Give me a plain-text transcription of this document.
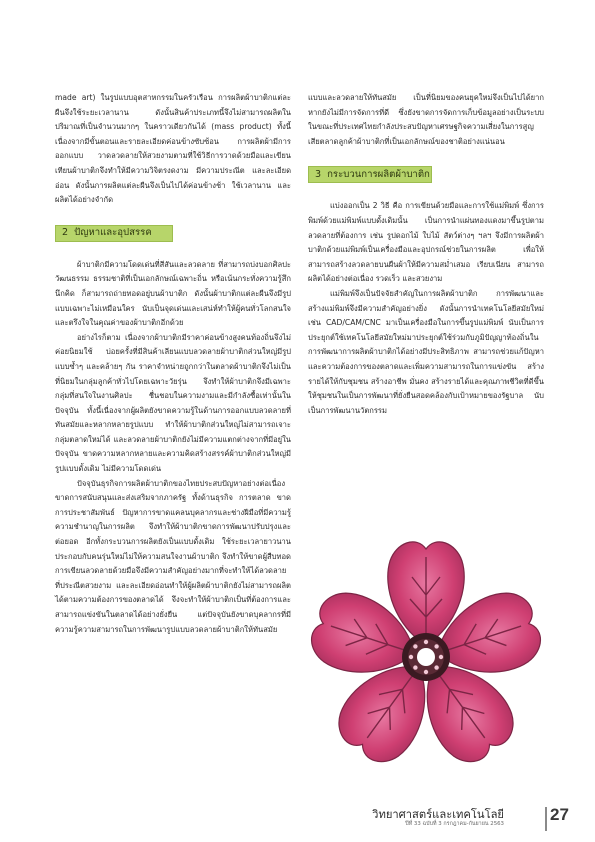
made art) ในรูปแบบอุตสาหกรรมในครัวเรือน การผลิตผ้าบาติกแต่ละผืนจึงใช้ระยะเวลานาน ดังนั้นสินค้าประเภทนี้จึงไม่สามารถผลิตในปริมาณที่เป็นจำนวนมากๆ ในคราวเดียวกันได้ (mass product) ทั้งนี้เนื่องจากมีขั้นตอนและรายละเอียดค่อนข้างซับซ้อน การผลิตผ้ามีการออกแบบ วาดลวดลายให้สวยงามตามที่ใช้วิธีการวาดด้วยมือและเขียนเทียนผ้าบาติกจึงทำให้มีความวิจิตรงดงาม มีความประณีต และละเอียดอ่อน ดังนั้นการผลิตแต่ละผืนจึงเป็นไปได้ค่อนข้างช้า ใช้เวลานาน และผลิตได้อย่างจำกัด

2 ปัญหาและอุปสรรค

ผ้าบาติกมีความโดดเด่นที่สีสันและลวดลาย ที่สามารถบ่งบอกศิลปะ วัฒนธรรม ธรรมชาติที่เป็นเอกลักษณ์เฉพาะถิ่น หรือเน้นกระทั่งความรู้สึกนึกคิด ก็สามารถถ่ายทอดอยู่บนผ้าบาติก ดังนั้นผ้าบาติกแต่ละผืนจึงมีรูปแบบเฉพาะไม่เหมือนใคร นับเป็นจุดเด่นและเสน่ห์ทำให้ผู้คนทั่วโลกสนใจและตรึงใจในคุณค่าของผ้าบาติกอีกด้วย

อย่างไรก็ตาม เนื่องจากผ้าบาติกมีราคาค่อนข้างสูงคนท้องถิ่นจึงไม่ค่อยนิยมใช้ บ่อยครั้งที่มีสินค้าเลียนแบบลวดลายผ้าบาติกส่วนใหญ่มีรูปแบบซ้ำๆ และคล้ายๆ กัน ราคาจำหน่ายถูกกว่าในตลาดผ้าบาติกจึงไม่เป็นที่นิยมในกลุ่มลูกค้าทั่วไปโดยเฉพาะวัยรุ่น จึงทำให้ผ้าบาติกจึงมีเฉพาะกลุ่มที่สนใจในงานศิลปะ ชื่นชอบในความงามและมีกำลังซื้อเท่านั้นในปัจจุบัน ทั้งนี้เนื่องจากผู้ผลิตยังขาดความรู้ในด้านการออกแบบลวดลายที่ทันสมัยและหลากหลายรูปแบบ ทำให้ผ้าบาติกส่วนใหญ่ไม่สามารถเจาะกลุ่มตลาดใหม่ได้ และลวดลายผ้าบาติกยังไม่มีความแตกต่างจากที่มีอยู่ในปัจจุบัน ขาดความหลากหลายและความคิดสร้างสรรค์ผ้าบาติกส่วนใหญ่มีรูปแบบดั้งเดิม ไม่มีความโดดเด่น

ปัจจุบันธุรกิจการผลิตผ้าบาติกของไทยประสบปัญหาอย่างต่อเนื่อง ขาดการสนับสนุนและส่งเสริมจากภาครัฐ ทั้งด้านธุรกิจ การตลาด ขาดการประชาสัมพันธ์ ปัญหาการขาดแคลนบุคลากรและช่างฝีมือที่มีความรู้ความชำนาญในการผลิต จึงทำให้ผ้าบาติกขาดการพัฒนาปรับปรุงและต่อยอด อีกทั้งกระบวนการผลิตยังเป็นแบบดั้งเดิม ใช้ระยะเวลายาวนาน ประกอบกับคนรุ่นใหม่ไม่ให้ความสนใจงานผ้าบาติก จึงทำให้ขาดผู้สืบทอด การเขียนลวดลายด้วยมือจึงมีความสำคัญอย่างมากที่จะทำให้ได้ลวดลายที่ประณีตสวยงาม และละเอียดอ่อนทำให้ผู้ผลิตผ้าบาติกยังไม่สามารถผลิตได้ตามความต้องการของตลาดได้ จึงจะทำให้ผ้าบาติกเป็นที่ต้องการและสามารถแข่งขันในตลาดได้อย่างยั่งยืน แต่ปัจจุบันยังขาดบุคลากรที่มีความรู้ความสามารถในการพัฒนารูปแบบลวดลายผ้าบาติกให้ทันสมัย

แบบและลวดลายให้ทันสมัย เป็นที่นิยมของคนยุคใหม่จึงเป็นไปได้ยาก หากยังไม่มีการจัดการที่ดี ซึ่งยังขาดการจัดการเก็บข้อมูลอย่างเป็นระบบ ในขณะที่ประเทศไทยกำลังประสบปัญหาเศรษฐกิจความเสี่ยงในการสูญเสียตลาดลูกค้าผ้าบาติกที่เป็นเอกลักษณ์ของชาติอย่างแน่นอน

3 กระบวนการผลิตผ้าบาติก

แบ่งออกเป็น 2 วิธี คือ การเขียนด้วยมือและการใช้แม่พิมพ์ ซึ่งการพิมพ์ด้วยแม่พิมพ์แบบดั้งเดิมนั้น เป็นการนำแผ่นทองแดงมาขึ้นรูปตามลวดลายที่ต้องการ เช่น รูปดอกไม้ ใบไม้ สัตว์ต่างๆ ฯลฯ จึงมีการผลิตผ้าบาติกด้วยแม่พิมพ์เป็นเครื่องมือและอุปกรณ์ช่วยในการผลิต เพื่อให้สามารถสร้างลวดลายบนผืนผ้าให้มีความสม่ำเสมอ เรียบเนียน สามารถผลิตได้อย่างต่อเนื่อง รวดเร็ว และสวยงาม

แม่พิมพ์จึงเป็นปัจจัยสำคัญในการผลิตผ้าบาติก การพัฒนาและสร้างแม่พิมพ์จึงมีความสำคัญอย่างยิ่ง ดังนั้นการนำเทคโนโลยีสมัยใหม่ เช่น CAD/CAM/CNC มาเป็นเครื่องมือในการขึ้นรูปแม่พิมพ์ นับเป็นการประยุกต์ใช้เทคโนโลยีสมัยใหม่มาประยุกต์ใช้ร่วมกับภูมิปัญญาท้องถิ่นในการพัฒนาการผลิตผ้าบาติกได้อย่างมีประสิทธิภาพ สามารถช่วยแก้ปัญหาและความต้องการของตลาดและเพิ่มความสามารถในการแข่งขัน สร้างรายได้ให้กับชุมชน สร้างอาชีพ มั่นคง สร้างรายได้และคุณภาพชีวิตที่ดีขึ้น ให้ชุมชนในเป็นการพัฒนาที่ยั่งยืนสอดคล้องกับเป้าหมายของรัฐบาล นับเป็นการพัฒนานวัตกรรม

วิทยาศาสตร์และเทคโนโลยี
ปีที่ 33 ฉบับที่ 3 กรกฎาคม-กันยายน 2563	27
